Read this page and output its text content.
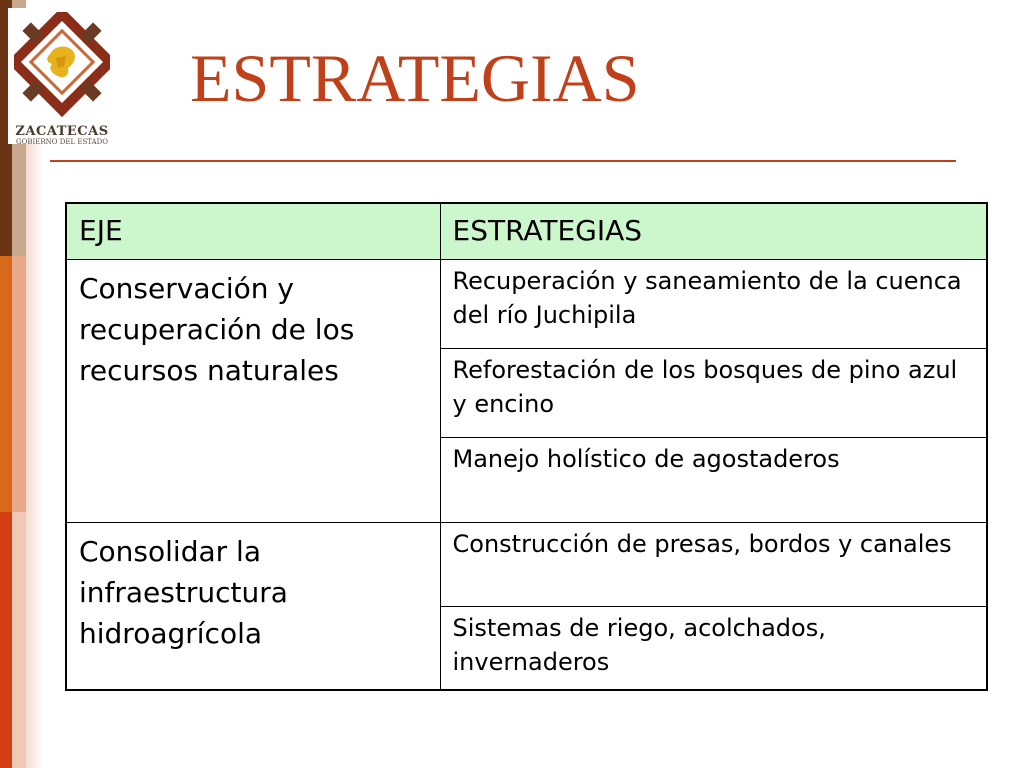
ZACATECAS
GOBIERNO DEL ESTADO
ESTRATEGIAS
EJE	ESTRATEGIAS
Conservación y recuperación de los recursos naturales	Recuperación y saneamiento de la cuenca del río Juchipila
	Reforestación de los bosques de pino azul y encino
	Manejo holístico de agostaderos
Consolidar la infraestructura hidroagrícola	Construcción de presas, bordos y canales
	Sistemas de riego, acolchados, invernaderos
